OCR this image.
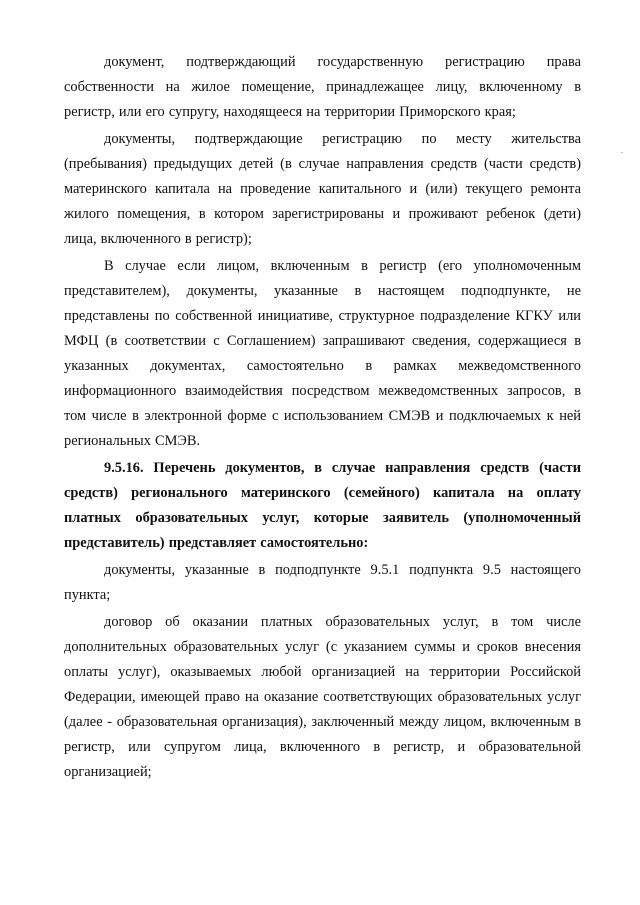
документ, подтверждающий государственную регистрацию права собственности на жилое помещение, принадлежащее лицу, включенному в регистр, или его супругу, находящееся на территории Приморского края;

документы, подтверждающие регистрацию по месту жительства (пребывания) предыдущих детей (в случае направления средств (части средств) материнского капитала на проведение капитального и (или) текущего ремонта жилого помещения, в котором зарегистрированы и проживают ребенок (дети) лица, включенного в регистр);

В случае если лицом, включенным в регистр (его уполномоченным представителем), документы, указанные в настоящем подподпункте, не представлены по собственной инициативе, структурное подразделение КГКУ или МФЦ (в соответствии с Соглашением) запрашивают сведения, содержащиеся в указанных документах, самостоятельно в рамках межведомственного информационного взаимодействия посредством межведомственных запросов, в том числе в электронной форме с использованием СМЭВ и подключаемых к ней региональных СМЭВ.

9.5.16. Перечень документов, в случае направления средств (части средств) регионального материнского (семейного) капитала на оплату платных образовательных услуг, которые заявитель (уполномоченный представитель) представляет самостоятельно:

документы, указанные в подподпункте 9.5.1 подпункта 9.5 настоящего пункта;

договор об оказании платных образовательных услуг, в том числе дополнительных образовательных услуг (с указанием суммы и сроков внесения оплаты услуг), оказываемых любой организацией на территории Российской Федерации, имеющей право на оказание соответствующих образовательных услуг (далее - образовательная организация), заключенный между лицом, включенным в регистр, или супругом лица, включенного в регистр, и образовательной организацией;
